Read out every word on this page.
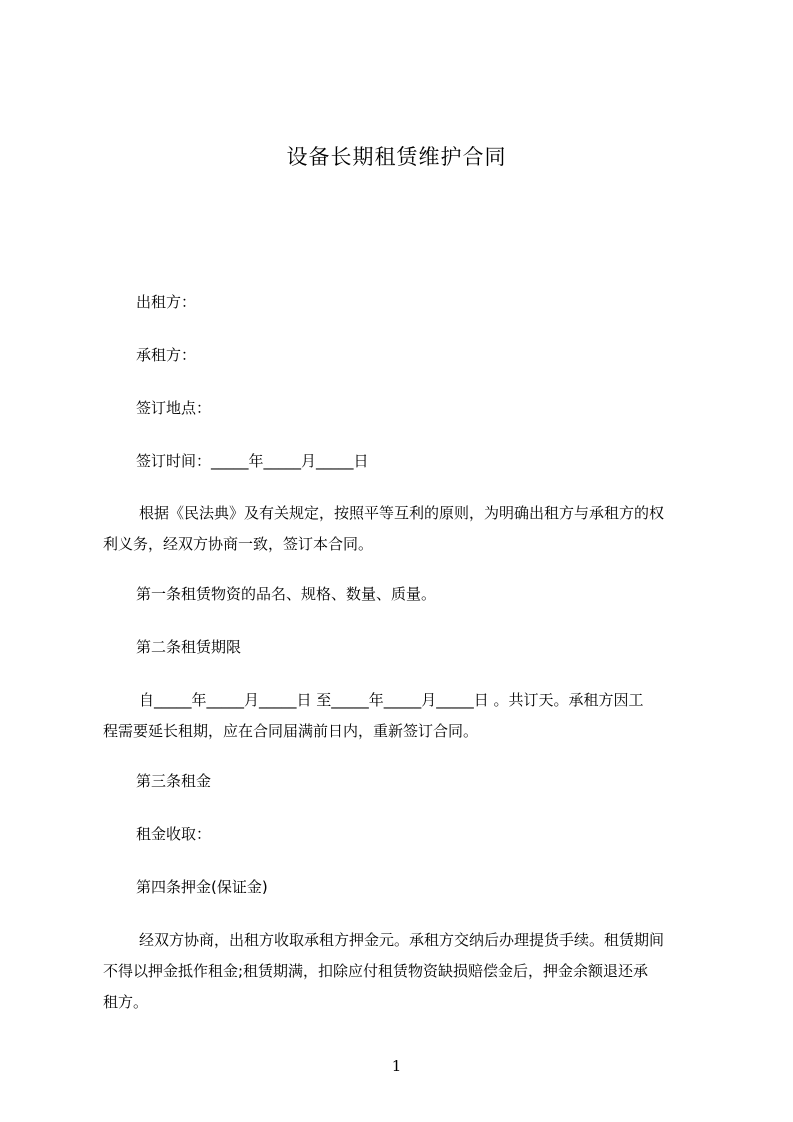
设备长期租赁维护合同
出租方：
承租方：
签订地点：
签订时间：_____年_____月_____日
根据《民法典》及有关规定，按照平等互利的原则，为明确出租方与承租方的权
利义务，经双方协商一致，签订本合同。
第一条租赁物资的品名、规格、数量、质量。
第二条租赁期限
自_____年_____月_____日 至_____年_____月_____日 。共订天。承租方因工
程需要延长租期，应在合同届满前日内，重新签订合同。
第三条租金
租金收取：
第四条押金(保证金)
经双方协商，出租方收取承租方押金元。承租方交纳后办理提货手续。租赁期间
不得以押金抵作租金;租赁期满，扣除应付租赁物资缺损赔偿金后，押金余额退还承
租方。
1
